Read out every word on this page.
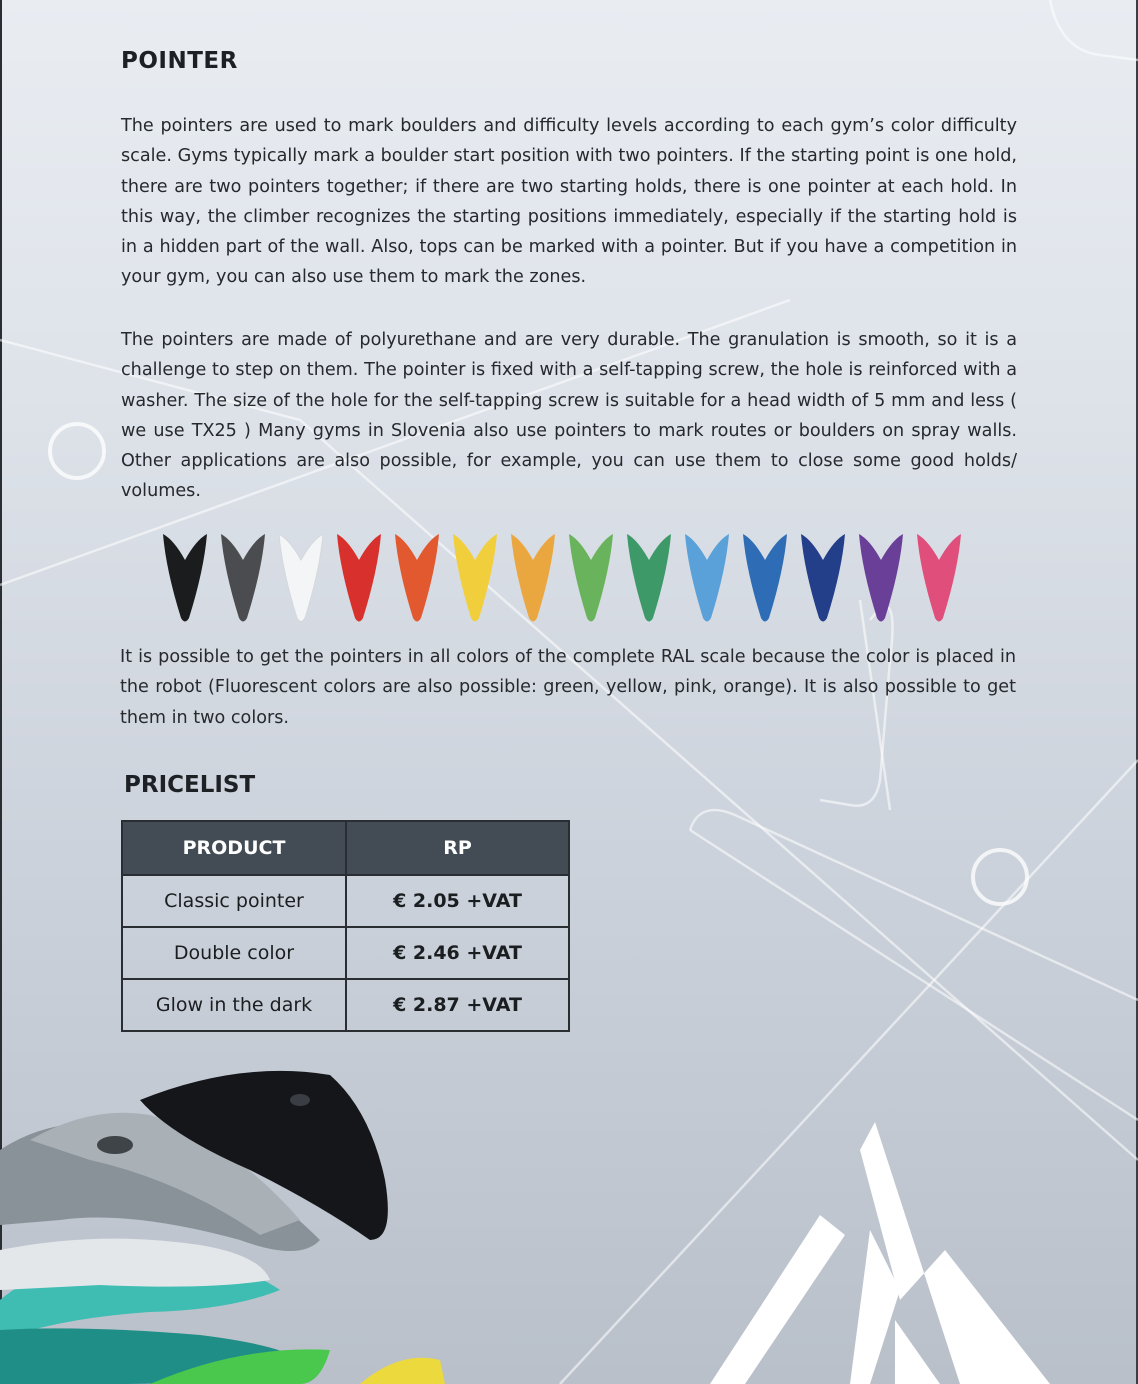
POINTER

The pointers are used to mark boulders and difficulty levels according to each gym’s color difficulty scale. Gyms typically mark a boulder start position with two pointers. If the starting point is one hold, there are two pointers together; if there are two starting holds, there is one pointer at each hold. In this way, the climber recognizes the starting positions immediately, especially if the starting hold is in a hidden part of the wall. Also, tops can be marked with a pointer. But if you have a competition in your gym, you can also use them to mark the zones.

The pointers are made of polyurethane and are very durable. The granulation is smooth, so it is a challenge to step on them. The pointer is fixed with a self-tapping screw, the hole is reinforced with a washer. The size of the hole for the self-tapping screw is suitable for a head width of 5 mm and less ( we use TX25 ) Many gyms in Slovenia also use pointers to mark routes or boulders on spray walls. Other applications are also possible, for example, you can use them to close some good holds/ volumes.

It is possible to get the pointers in all colors of the complete RAL scale because the color is placed in the robot (Fluorescent colors are also possible: green, yellow, pink, orange). It is also possible to get them in two colors.

PRICELIST
PRODUCT	RP
Classic pointer	€ 2.05 +VAT
Double color	€ 2.46 +VAT
Glow in the dark	€ 2.87 +VAT
